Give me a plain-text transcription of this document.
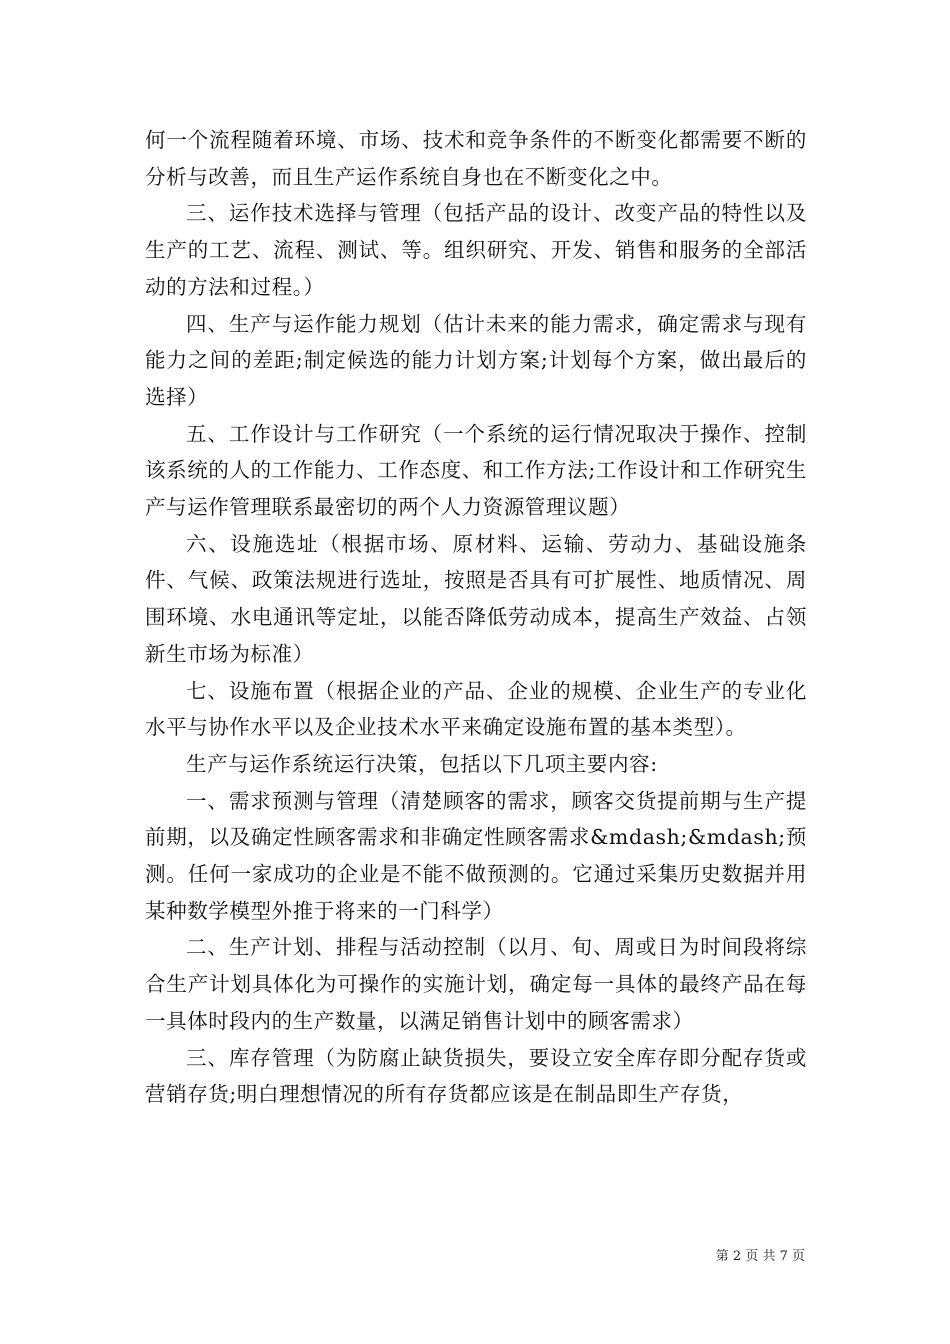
何一个流程随着环境、市场、技术和竞争条件的不断变化都需要不断的分析与改善，而且生产运作系统自身也在不断变化之中。

三、运作技术选择与管理（包括产品的设计、改变产品的特性以及生产的工艺、流程、测试、等。组织研究、开发、销售和服务的全部活动的方法和过程。）

四、生产与运作能力规划（估计未来的能力需求，确定需求与现有能力之间的差距;制定候选的能力计划方案;计划每个方案，做出最后的选择）

五、工作设计与工作研究（一个系统的运行情况取决于操作、控制该系统的人的工作能力、工作态度、和工作方法;工作设计和工作研究生产与运作管理联系最密切的两个人力资源管理议题）

六、设施选址（根据市场、原材料、运输、劳动力、基础设施条件、气候、政策法规进行选址，按照是否具有可扩展性、地质情况、周围环境、水电通讯等定址，以能否降低劳动成本，提高生产效益、占领新生市场为标准）

七、设施布置（根据企业的产品、企业的规模、企业生产的专业化水平与协作水平以及企业技术水平来确定设施布置的基本类型）。

生产与运作系统运行决策，包括以下几项主要内容:

一、需求预测与管理（清楚顾客的需求，顾客交货提前期与生产提前期，以及确定性顾客需求和非确定性顾客需求&mdash;&mdash;预测。任何一家成功的企业是不能不做预测的。它通过采集历史数据并用某种数学模型外推于将来的一门科学）

二、生产计划、排程与活动控制（以月、旬、周或日为时间段将综合生产计划具体化为可操作的实施计划，确定每一具体的最终产品在每一具体时段内的生产数量，以满足销售计划中的顾客需求）

三、库存管理（为防腐止缺货损失，要设立安全库存即分配存货或营销存货;明白理想情况的所有存货都应该是在制品即生产存货，

第 2 页 共 7 页
